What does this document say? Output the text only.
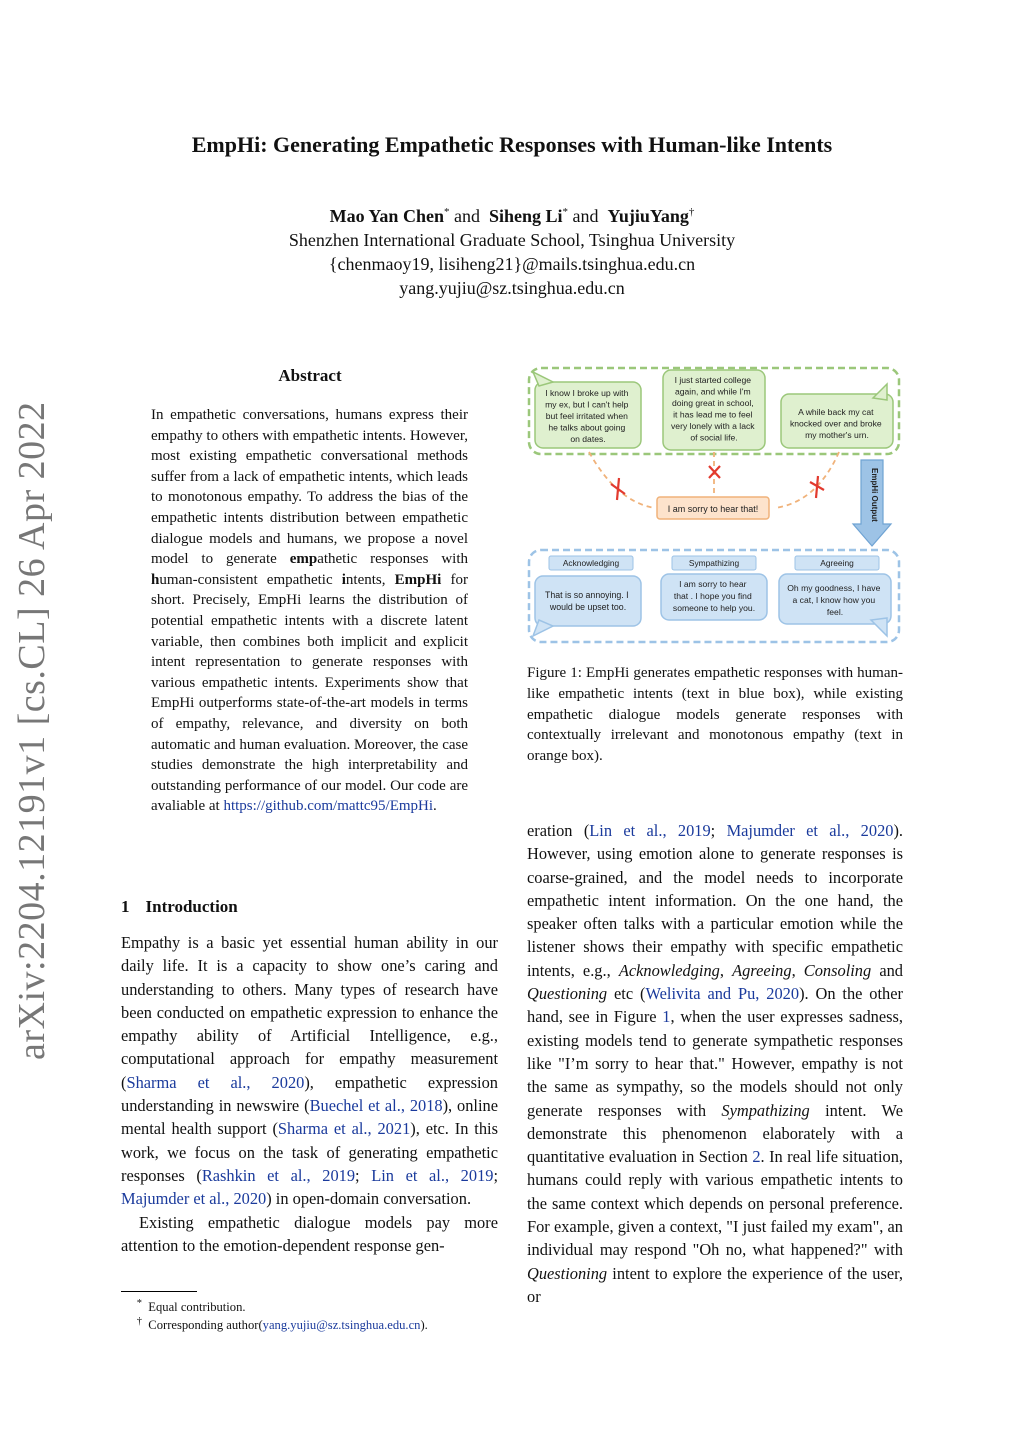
EmpHi: Generating Empathetic Responses with Human-like Intents
Mao Yan Chen* and Siheng Li* and YujiuYang†
Shenzhen International Graduate School, Tsinghua University
{chenmaoy19, lisiheng21}@mails.tsinghua.edu.cn
yang.yujiu@sz.tsinghua.edu.cn
arXiv:2204.12191v1 [cs.CL] 26 Apr 2022
Abstract
In empathetic conversations, humans express their empathy to others with empathetic intents. However, most existing empathetic conversational methods suffer from a lack of empathetic intents, which leads to monotonous empathy. To address the bias of the empathetic intents distribution between empathetic dialogue models and humans, we propose a novel model to generate empathetic responses with human-consistent empathetic intents, EmpHi for short. Precisely, EmpHi learns the distribution of potential empathetic intents with a discrete latent variable, then combines both implicit and explicit intent representation to generate responses with various empathetic intents. Experiments show that EmpHi outperforms state-of-the-art models in terms of empathy, relevance, and diversity on both automatic and human evaluation. Moreover, the case studies demonstrate the high interpretability and outstanding performance of our model. Our code are avaliable at https://github.com/mattc95/EmpHi.
1 Introduction

Empathy is a basic yet essential human ability in our daily life. It is a capacity to show one’s caring and understanding to others. Many types of research have been conducted on empathetic expression to enhance the empathy ability of Artificial Intelligence, e.g., computational approach for empathy measurement (Sharma et al., 2020), empathetic expression understanding in newswire (Buechel et al., 2018), online mental health support (Sharma et al., 2021), etc. In this work, we focus on the task of generating empathetic responses (Rashkin et al., 2019; Lin et al., 2019; Majumder et al., 2020) in open-domain conversation.

Existing empathetic dialogue models pay more attention to the emotion-dependent response gen-

* Equal contribution.
† Corresponding author(yang.yujiu@sz.tsinghua.edu.cn).
I know I broke up with my ex, but I can't help but feel irritated when he talks about going on dates.
I just started college again, and while I'm doing great in school, it has lead me to feel very lonely with a lack of social life.
A while back my cat knocked over and broke my mother's urn.
I am sorry to hear that!	EmpHi Output
Acknowledging	Sympathizing	Agreeing
That is so annoying. I would be upset too.
I am sorry to hear that . I hope you find someone to help you.
Oh my goodness, I have a cat, I know how you feel.
Figure 1: EmpHi generates empathetic responses with human-like empathetic intents (text in blue box), while existing empathetic dialogue models generate responses with contextually irrelevant and monotonous empathy (text in orange box).

eration (Lin et al., 2019; Majumder et al., 2020). However, using emotion alone to generate responses is coarse-grained, and the model needs to incorporate empathetic intent information. On the one hand, the speaker often talks with a particular emotion while the listener shows their empathy with specific empathetic intents, e.g., Acknowledging, Agreeing, Consoling and Questioning etc (Welivita and Pu, 2020). On the other hand, see in Figure 1, when the user expresses sadness, existing models tend to generate sympathetic responses like "I’m sorry to hear that." However, empathy is not the same as sympathy, so the models should not only generate responses with Sympathizing intent. We demonstrate this phenomenon elaborately with a quantitative evaluation in Section 2. In real life situation, humans could reply with various empathetic intents to the same context which depends on personal preference. For example, given a context, "I just failed my exam", an individual may respond "Oh no, what happened?" with Questioning intent to explore the experience of the user, or
